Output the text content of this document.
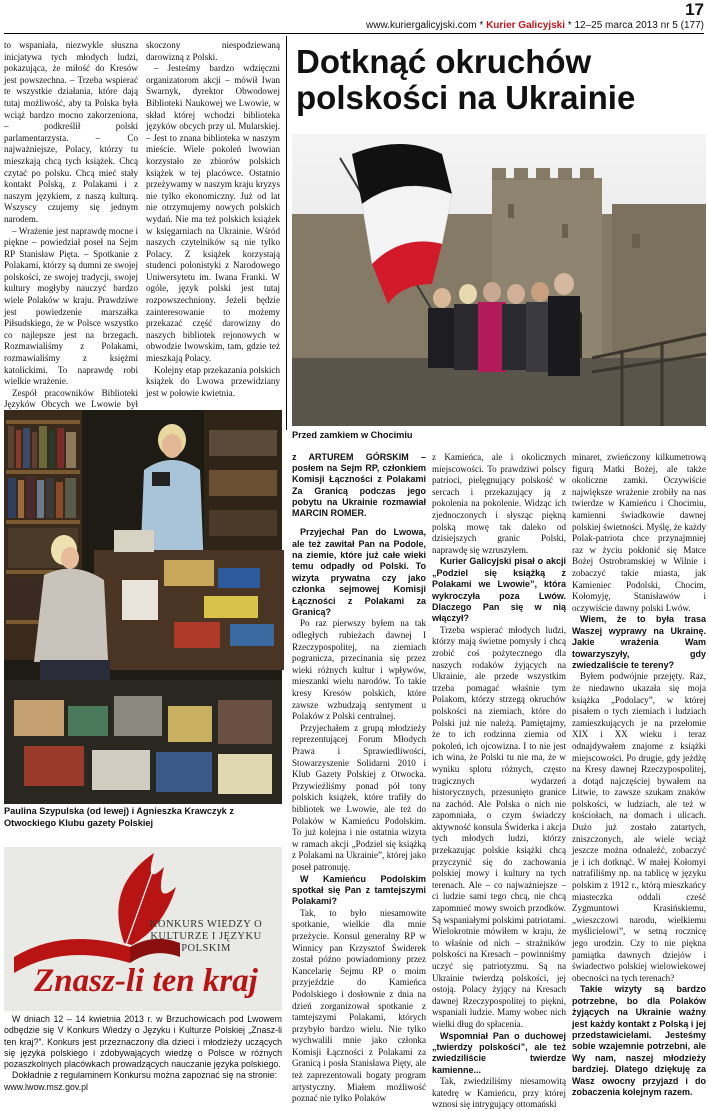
17
www.kuriergalicyjski.com * Kurier Galicyjski * 12–25 marca 2013 nr 5 (177)

to wspaniała, niezwykle słuszna inicjatywa tych młodych ludzi, pokazująca, że miłość do Kresów jest powszechna. – Trzeba wspierać te wszystkie działania, które dają tutaj możliwość, aby ta Polska była wciąż bardzo mocno zakorzeniona, – podkreślił polski parlamentarzysta. – Co najważniejsze, Polacy, którzy tu mieszkają chcą tych książek. Chcą czytać po polsku. Chcą mieć stały kontakt Polską, z Polakami i z naszym językiem, z naszą kulturą. Wszyscy czujemy się jednym narodem.

– Wrażenie jest naprawdę mocne i piękne – powiedział poseł na Sejm RP Stanisław Pięta. – Spotkanie z Polakami, którzy są dumni ze swojej polskości, ze swojej tradycji, swojej kultury mogłyby nauczyć bardzo wiele Polaków w kraju. Prawdziwe jest powiedzenie marszałka Piłsudskiego, że w Polsce wszystko co najlepsze jest na brzegach. Rozmawialiśmy z Polakami, rozmawialiśmy z księżmi katolickimi. To naprawdę robi wielkie wrażenie.

Zespół pracowników Biblioteki Języków Obcych we Lwowie był

skoczony niespodziewaną darowizną z Polski.

– Jesteśmy bardzo wdzięczni organizatorom akcji – mówił Iwan Swarnyk, dyrektor Obwodowej Biblioteki Naukowej we Lwowie, w skład której wchodzi biblioteka języków obcych przy ul. Mularskiej. – Jest to znana biblioteka w naszym mieście. Wiele pokoleń lwowian korzystało ze zbiorów polskich książek w tej placówce. Ostatnio przeżywamy w naszym kraju kryzys nie tylko ekonomiczny. Już od lat nie otrzymujemy nowych polskich wydań. Nie ma też polskich książek w księgarniach na Ukrainie. Wśród naszych czytelników są nie tylko Polacy. Z książek korzystają studenci polonistyki z Narodowego Uniwersytetu im. Iwana Franki. W ogóle, język polski jest tutaj rozpowszechniony. Jeżeli będzie zainteresowanie to możemy przekazać część darowizny do naszych bibliotek rejonowych w obwodzie lwowskim, tam, gdzie też mieszkają Polacy.

Kolejny etap przekazania polskich książek do Lwowa przewidziany jest w połowie kwietnia.

Paulina Szypulska (od lewej) i Agnieszka Krawczyk z Otwockiego Klubu gazety Polskiej
Dotknąć okruchów polskości na Ukrainie
Przed zamkiem w Chocimiu

z ARTUREM GÓRSKIM – posłem na Sejm RP, członkiem Komisji Łączności z Polakami Za Granicą podczas jego pobytu na Ukrainie rozmawiał MARCIN ROMER.

Przyjechał Pan do Lwowa, ale też zawitał Pan na Podole, na ziemie, które już całe wieki temu odpadły od Polski. To wizyta prywatna czy jako członka sejmowej Komisji Łączności z Polakami za Granicą?

Po raz pierwszy byłem na tak odległych rubieżach dawnej I Rzeczypospolitej, na ziemiach pogranicza, przecinania się przez wieki różnych kultur i wpływów, mieszanki wielu narodów. To takie kresy Kresów polskich, które zawsze wzbudzają sentyment u Polaków z Polski centralnej.

Przyjechałem z grupą młodzieży reprezentującej Forum Młodych Prawa i Sprawiedliwości, Stowarzyszenie Solidarni 2010 i Klub Gazety Polskiej z Otwocka. Przywieźliśmy ponad pół tony polskich książek, które trafiły do bibliotek we Lwowie, ale też do Polaków w Kamieńcu Podolskim. To już kolejna i nie ostatnia wizyta w ramach akcji „Podziel się książką z Polakami na Ukrainie”, której jako poseł patronuję.

W Kamieńcu Podolskim spotkał się Pan z tamtejszymi Polakami?

Tak, to było niesamowite spotkanie, wielkie dla mnie przeżycie. Konsul generalny RP w Winnicy pan Krzysztof Świderek został późno powiadomiony przez Kancelarię Sejmu RP o moim przyjeździe do Kamieńca Podolskiego i dosłownie z dnia na dzień zorganizował spotkanie z tamtejszymi Polakami, których przybyło bardzo wielu. Nie tylko wychwalili mnie jako członka Komisji Łączności z Polakami za Granicą i posła Stanisława Pięty, ale też zaprezentowali bogaty program artystyczny. Miałem możliwość poznać nie tylko Polaków

z Kamieńca, ale i okolicznych miejscowości. To prawdziwi polscy patrioci, pielęgnujący polskość w sercach i przekazujący ją z pokolenia na pokolenie. Widząc ich zjednoczonych i słysząc piękną polską mowę tak daleko od dzisiejszych granic Polski, naprawdę się wzruszyłem.

Kurier Galicyjski pisał o akcji „Podziel się książką z Polakami we Lwowie”, która wykroczyła poza Lwów. Dlaczego Pan się w nią włączył?

Trzeba wspierać młodych ludzi, którzy mają świetne pomysły i chcą zrobić coś pożytecznego dla naszych rodaków żyjących na Ukrainie, ale przede wszystkim trzeba pomagać właśnie tym Polakom, którzy strzegą okruchów polskości na ziemiach, które do Polski już nie należą. Pamiętajmy, że to ich rodzinna ziemia od pokoleń, ich ojcowizna. I to nie jest ich wina, że Polski tu nie ma, że w wyniku splotu różnych, często tragicznych wydarzeń historycznych, przesunięto granice na zachód. Ale Polska o nich nie zapomniała, o czym świadczy aktywność konsula Świderka i akcja tych młodych ludzi, którzy przekazując polskie książki chcą przyczynić się do zachowania polskiej mowy i kultury na tych terenach. Ale – co najważniejsze – ci ludzie sami tego chcą, nie chcą zapomnieć mowy swoich przodków. Są wspaniałymi polskimi patriotami. Wielokrotnie mówiłem w kraju, że to właśnie od nich – strażników polskości na Kresach – powinniśmy uczyć się patriotyzmu. Są na Ukrainie twierdzą polskości, jej ostoją. Polacy żyjący na Kresach dawnej Rzeczypospolitej to piękni, wspaniali ludzie. Mamy wobec nich wielki dług do spłacenia.

Wspomniał Pan o duchowej „twierdzy polskości”, ale też zwiedziliście twierdze kamienne...

Tak, zwiedziliśmy niesamowitą katedrę w Kamieńcu, przy której wznosi się intrygujący ottomański

minaret, zwieńczony kilkumetrową figurą Matki Bożej, ale także okoliczne zamki. Oczywiście największe wrażenie zrobiły na nas twierdze w Kamieńcu i Chocimiu, kamienni świadkowie dawnej polskiej świetności. Myślę, że każdy Polak-patriota chce przynajmniej raz w życiu pokłonić się Matce Bożej Ostrobramskiej w Wilnie i zobaczyć takie miasta, jak Kamieniec Podolski, Chocim, Kołomyję, Stanisławów i oczywiście dawny polski Lwów.

Wiem, że to była trasa Waszej wyprawy na Ukrainę. Jakie wrażenia Wam towarzyszyły, gdy zwiedzaliście te tereny?

Byłem podwójnie przejęty. Raz, że niedawno ukazała się moja książka „Podolacy”, w której pisałem o tych ziemiach i ludziach zamieszkujących je na przełomie XIX i XX wieku i teraz odnajdywałem znajome z książki miejscowości. Po drugie, gdy jeżdżę na Kresy dawnej Rzeczypospolitej, a dotąd najczęściej bywałem na Litwie, to zawsze szukam znaków polskości, w ludziach, ale też w kościołach, na domach i ulicach. Dużo już zostało zatartych, zniszczonych, ale wiele wciąż jeszcze można odnaleźć, zobaczyć je i ich dotknąć. W małej Kołomyi natrafiliśmy np. na tablicę w języku polskim z 1912 r., którą mieszkańcy miasteczka oddali cześć Zygmuntowi Krasińskiemu, „wieszczowi narodu, wielkiemu myślicielowi”, w setną rocznicę jego urodzin. Czy to nie piękna pamiątka dawnych dziejów i świadectwo polskiej wielowiekowej obecności na tych terenach?

Takie wizyty są bardzo potrzebne, bo dla Polaków żyjących na Ukrainie ważny jest każdy kontakt z Polską i jej przedstawicielami. Jesteśmy sobie wzajemnie potrzebni, ale Wy nam, naszej młodzieży bardziej. Dlatego dziękuję za Wasz owocny przyjazd i do zobaczenia kolejnym razem.

KONKURS WIEDZY O KULTURZE I JĘZYKU POLSKIM
Znasz-li ten kraj

W dniach 12 – 14 kwietnia 2013 r. w Brzuchowicach pod Lwowem odbędzie się V Konkurs Wiedzy o Języku i Kulturze Polskiej „Znasz-li ten kraj?”. Konkurs jest przeznaczony dla dzieci i młodzieży uczących się języka polskiego i zdobywających wiedzę o Polsce w różnych pozaszkolnych placówkach prowadzących nauczanie języka polskiego.

Dokładnie z regulaminem Konkursu można zapoznać się na stronie:

www.lwow.msz.gov.pl
